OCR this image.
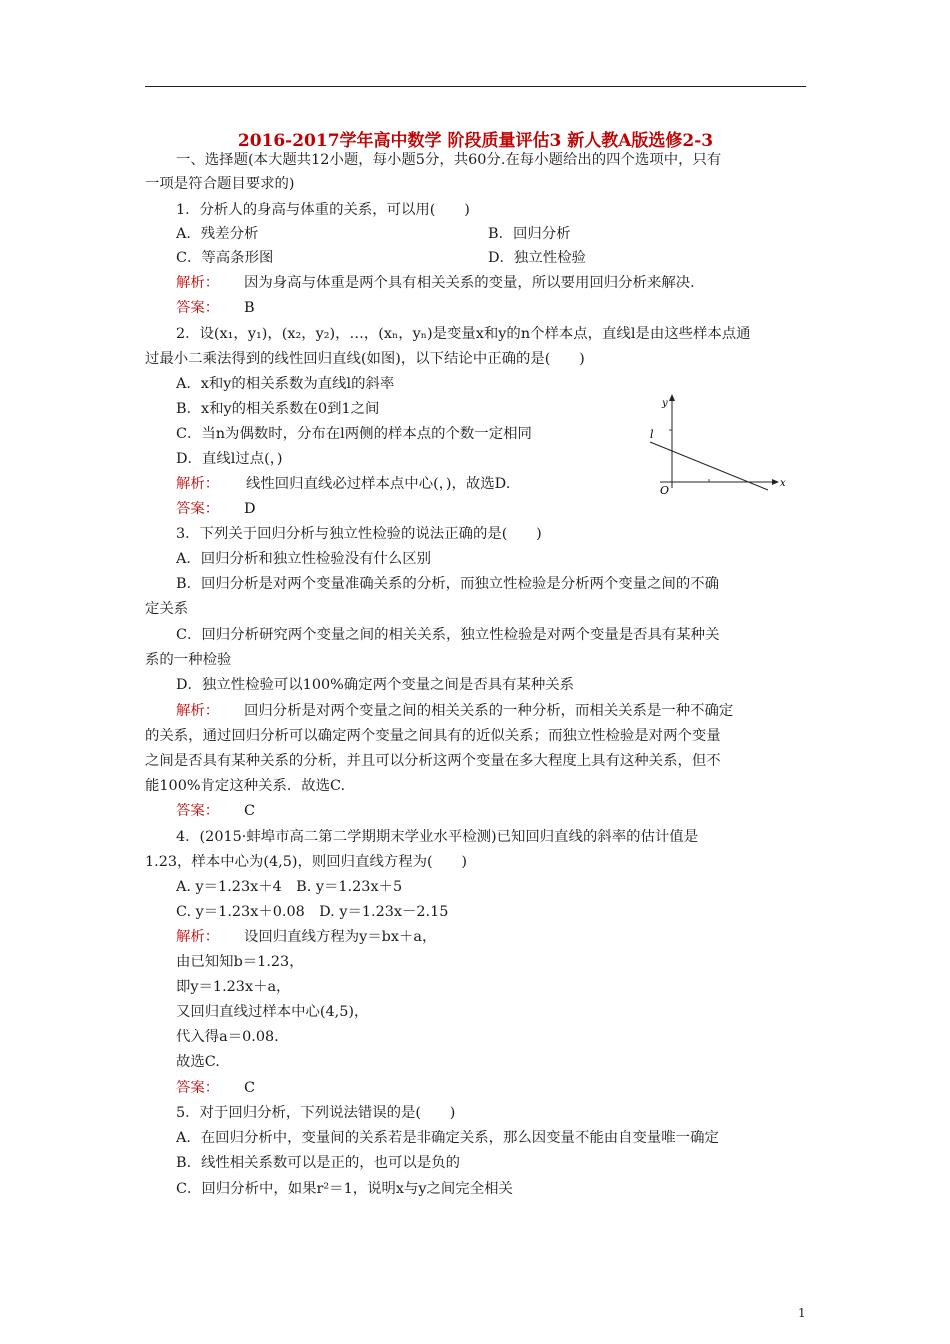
2016-2017学年高中数学 阶段质量评估3 新人教A版选修2-3
一、选择题(本大题共12小题，每小题5分，共60分.在每小题给出的四个选项中，只有
一项是符合题目要求的)
1．分析人的身高与体重的关系，可以用(　　)
A．残差分析	B．回归分析
C．等高条形图	D．独立性检验
解析： 因为身高与体重是两个具有相关关系的变量，所以要用回归分析来解决．
答案： B
2．设(x₁，y₁)，(x₂，y₂)，…，(xₙ，yₙ)是变量x和y的n个样本点，直线l是由这些样本点通
过最小二乘法得到的线性回归直线(如图)，以下结论中正确的是(　　)
A．x和y的相关系数为直线l的斜率
B．x和y的相关系数在0到1之间
C．当n为偶数时，分布在l两侧的样本点的个数一定相同
D．直线l过点(，)
解析： 线性回归直线必过样本点中心(，)，故选D.
答案： D
y
l
O
x
3．下列关于回归分析与独立性检验的说法正确的是(　　)
A．回归分析和独立性检验没有什么区别
B．回归分析是对两个变量准确关系的分析，而独立性检验是分析两个变量之间的不确
定关系
C．回归分析研究两个变量之间的相关关系，独立性检验是对两个变量是否具有某种关
系的一种检验
D．独立性检验可以100%确定两个变量之间是否具有某种关系
解析： 回归分析是对两个变量之间的相关关系的一种分析，而相关关系是一种不确定
的关系，通过回归分析可以确定两个变量之间具有的近似关系；而独立性检验是对两个变量
之间是否具有某种关系的分析，并且可以分析这两个变量在多大程度上具有这种关系，但不
能100%肯定这种关系．故选C.
答案： C
4．(2015·蚌埠市高二第二学期期末学业水平检测)已知回归直线的斜率的估计值是
1.23，样本中心为(4,5)，则回归直线方程为(　　)
A. y＝1.23x＋4　B. y＝1.23x＋5
C. y＝1.23x＋0.08　D. y＝1.23x－2.15
解析： 设回归直线方程为y＝bx＋a，
由已知知b＝1.23，
即y＝1.23x＋a，
又回归直线过样本中心(4,5)，
代入得a＝0.08.
故选C.
答案： C
5．对于回归分析，下列说法错误的是(　　)
A．在回归分析中，变量间的关系若是非确定关系，那么因变量不能由自变量唯一确定
B．线性相关系数可以是正的，也可以是负的
C．回归分析中，如果r²＝1，说明x与y之间完全相关
1
